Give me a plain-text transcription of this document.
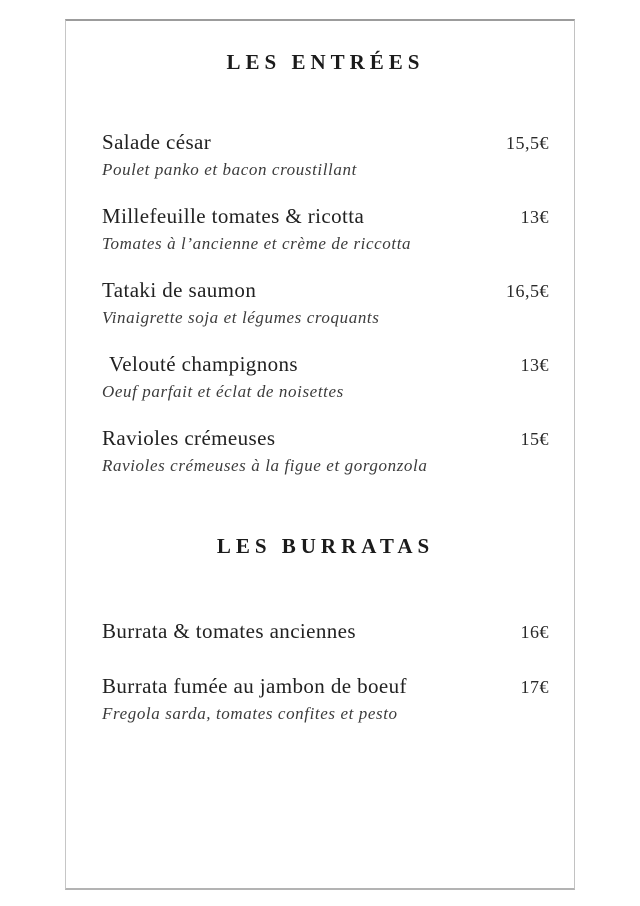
LES ENTRÉES
Salade césar	15,5€
Poulet panko et bacon croustillant
Millefeuille tomates & ricotta	13€
Tomates à l’ancienne et crème de riccotta
Tataki de saumon	16,5€
Vinaigrette soja et légumes croquants
Velouté champignons	13€
Oeuf parfait et éclat de noisettes
Ravioles crémeuses	15€
Ravioles crémeuses à la figue et gorgonzola
LES BURRATAS
Burrata & tomates anciennes	16€
Burrata fumée au jambon de boeuf	17€
Fregola sarda, tomates confites et pesto
